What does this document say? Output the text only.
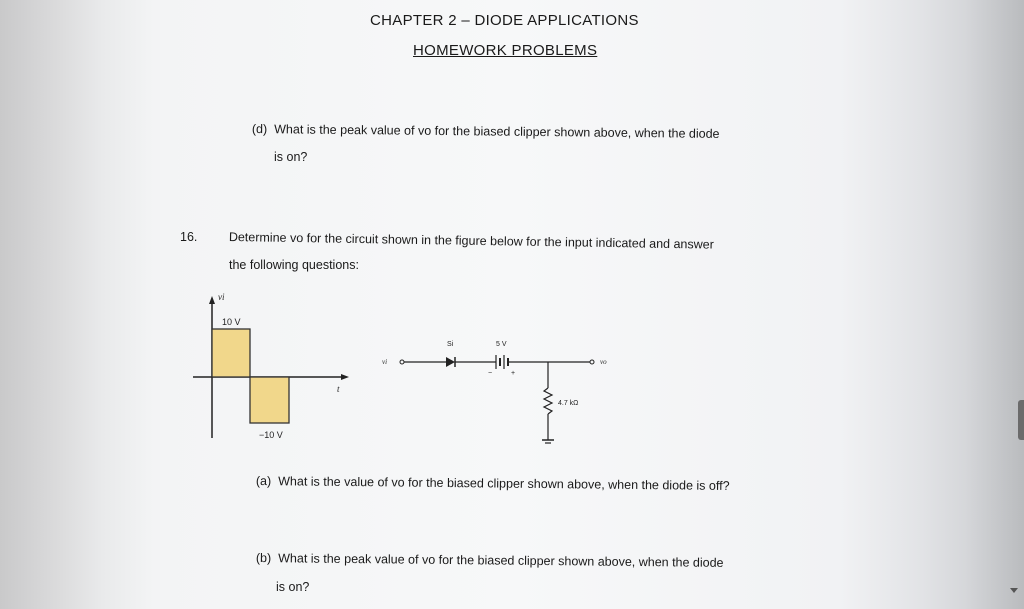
CHAPTER 2 – DIODE APPLICATIONS
HOMEWORK PROBLEMS
(d) What is the peak value of vo for the biased clipper shown above, when the diode
is on?
16.	Determine vo for the circuit shown in the figure below for the input indicated and answer
the following questions:
vi
10 V
−10 V
t
vi
Si	5 V
−	+
vo
4.7 kΩ
(a) What is the value of vo for the biased clipper shown above, when the diode is off?
(b) What is the peak value of vo for the biased clipper shown above, when the diode
is on?
